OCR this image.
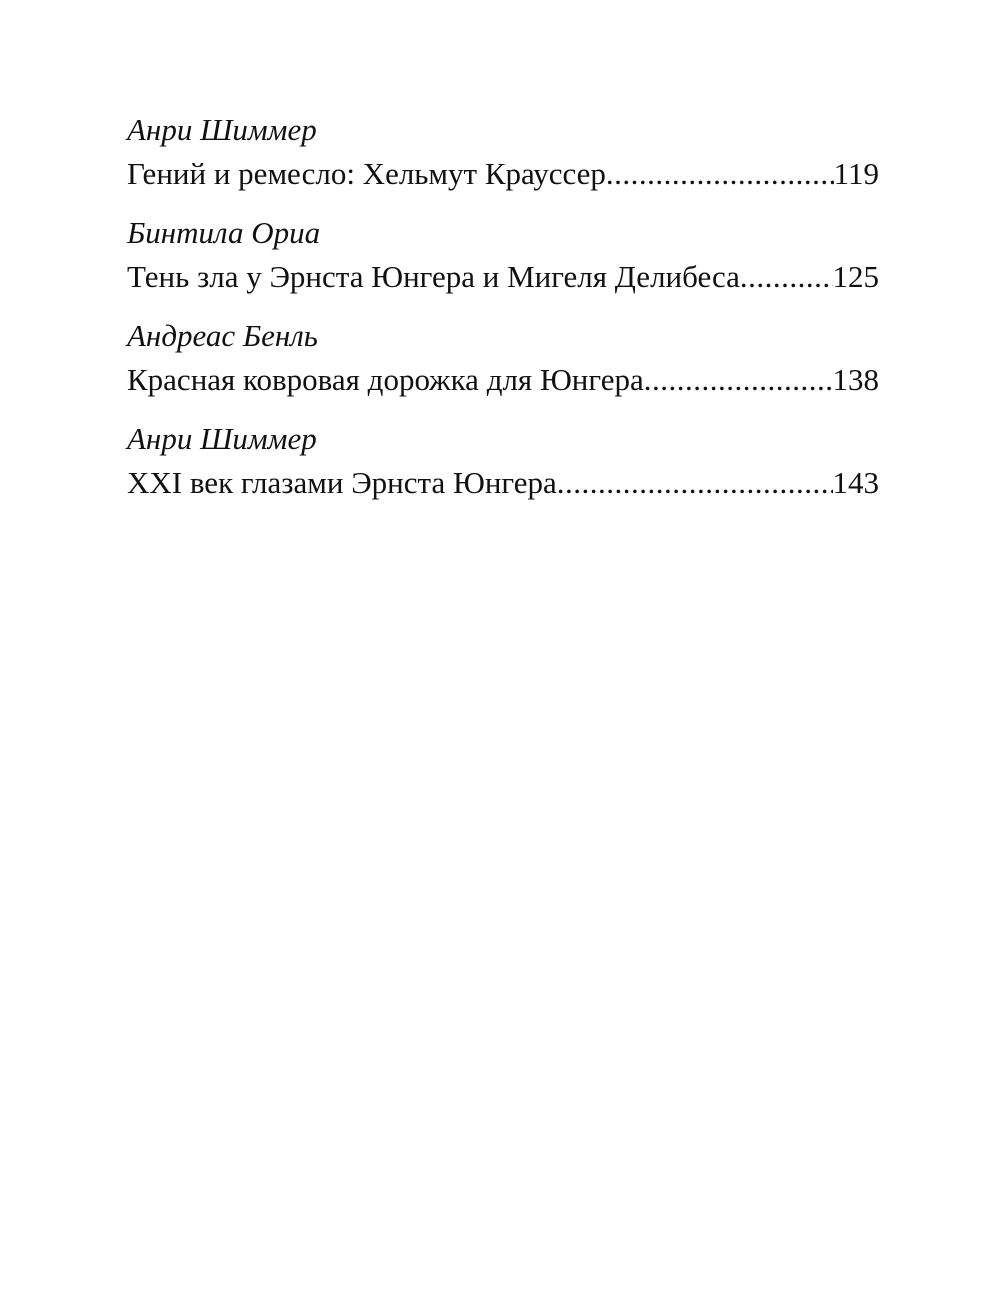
Анри Шиммер
Гений и ремесло: Хельмут Крауссер .....	119
Бинтила Ориа
Тень зла у Эрнста Юнгера и Мигеля Делибеса .....	125
Андреас Бенль
Красная ковровая дорожка для Юнгера .....	138
Анри Шиммер
XXI век глазами Эрнста Юнгера .....	143
